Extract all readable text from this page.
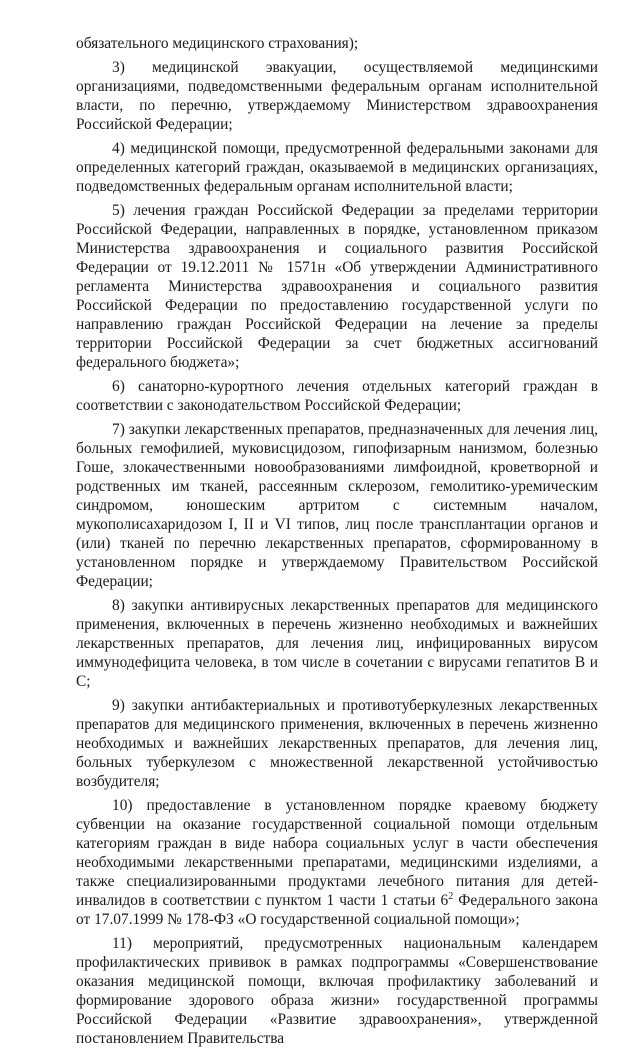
обязательного медицинского страхования);

3) медицинской эвакуации, осуществляемой медицинскими организациями, подведомственными федеральным органам исполнительной власти, по перечню, утверждаемому Министерством здравоохранения Российской Федерации;

4) медицинской помощи, предусмотренной федеральными законами для определенных категорий граждан, оказываемой в медицинских организациях, подведомственных федеральным органам исполнительной власти;

5) лечения граждан Российской Федерации за пределами территории Российской Федерации, направленных в порядке, установленном приказом Министерства здравоохранения и социального развития Российской Федерации от 19.12.2011 № 1571н «Об утверждении Административного регламента Министерства здравоохранения и социального развития Российской Федерации по предоставлению государственной услуги по направлению граждан Российской Федерации на лечение за пределы территории Российской Федерации за счет бюджетных ассигнований федерального бюджета»;

6) санаторно-курортного лечения отдельных категорий граждан в соответствии с законодательством Российской Федерации;

7) закупки лекарственных препаратов, предназначенных для лечения лиц, больных гемофилией, муковисцидозом, гипофизарным нанизмом, болезнью Гоше, злокачественными новообразованиями лимфоидной, кроветворной и родственных им тканей, рассеянным склерозом, гемолитико-уремическим синдромом, юношеским артритом с системным началом, мукополисахаридозом I, II и VI типов, лиц после трансплантации органов и (или) тканей по перечню лекарственных препаратов, сформированному в установленном порядке и утверждаемому Правительством Российской Федерации;

8) закупки антивирусных лекарственных препаратов для медицинского применения, включенных в перечень жизненно необходимых и важнейших лекарственных препаратов, для лечения лиц, инфицированных вирусом иммунодефицита человека, в том числе в сочетании с вирусами гепатитов B и C;

9) закупки антибактериальных и противотуберкулезных лекарственных препаратов для медицинского применения, включенных в перечень жизненно необходимых и важнейших лекарственных препаратов, для лечения лиц, больных туберкулезом с множественной лекарственной устойчивостью возбудителя;

10) предоставление в установленном порядке краевому бюджету субвенции на оказание государственной социальной помощи отдельным категориям граждан в виде набора социальных услуг в части обеспечения необходимыми лекарственными препаратами, медицинскими изделиями, а также специализированными продуктами лечебного питания для детей-инвалидов в соответствии с пунктом 1 части 1 статьи $6^2$ Федерального закона от 17.07.1999 № 178-ФЗ «О государственной социальной помощи»;

11) мероприятий, предусмотренных национальным календарем профилактических прививок в рамках подпрограммы «Совершенствование оказания медицинской помощи, включая профилактику заболеваний и формирование здорового образа жизни» государственной программы Российской Федерации «Развитие здравоохранения», утвержденной постановлением Правительства
